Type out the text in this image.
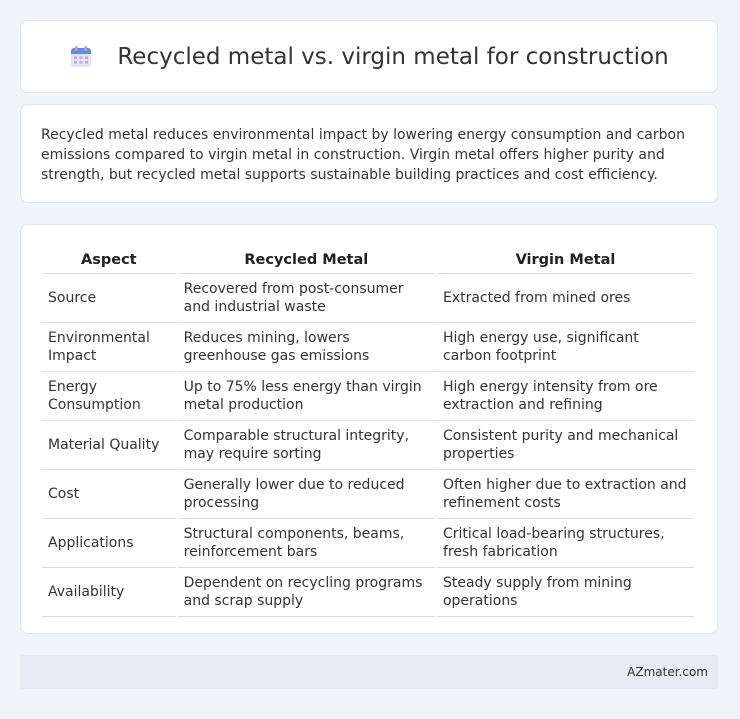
Recycled metal vs. virgin metal for construction

Recycled metal reduces environmental impact by lowering energy consumption and carbon emissions compared to virgin metal in construction. Virgin metal offers higher purity and strength, but recycled metal supports sustainable building practices and cost efficiency.

Aspect	Recycled Metal	Virgin Metal
Source	Recovered from post-consumer and industrial waste	Extracted from mined ores
Environmental Impact	Reduces mining, lowers greenhouse gas emissions	High energy use, significant carbon footprint
Energy Consumption	Up to 75% less energy than virgin metal production	High energy intensity from ore extraction and refining
Material Quality	Comparable structural integrity, may require sorting	Consistent purity and mechanical properties
Cost	Generally lower due to reduced processing	Often higher due to extraction and refinement costs
Applications	Structural components, beams, reinforcement bars	Critical load-bearing structures, fresh fabrication
Availability	Dependent on recycling programs and scrap supply	Steady supply from mining operations
AZmater.com
